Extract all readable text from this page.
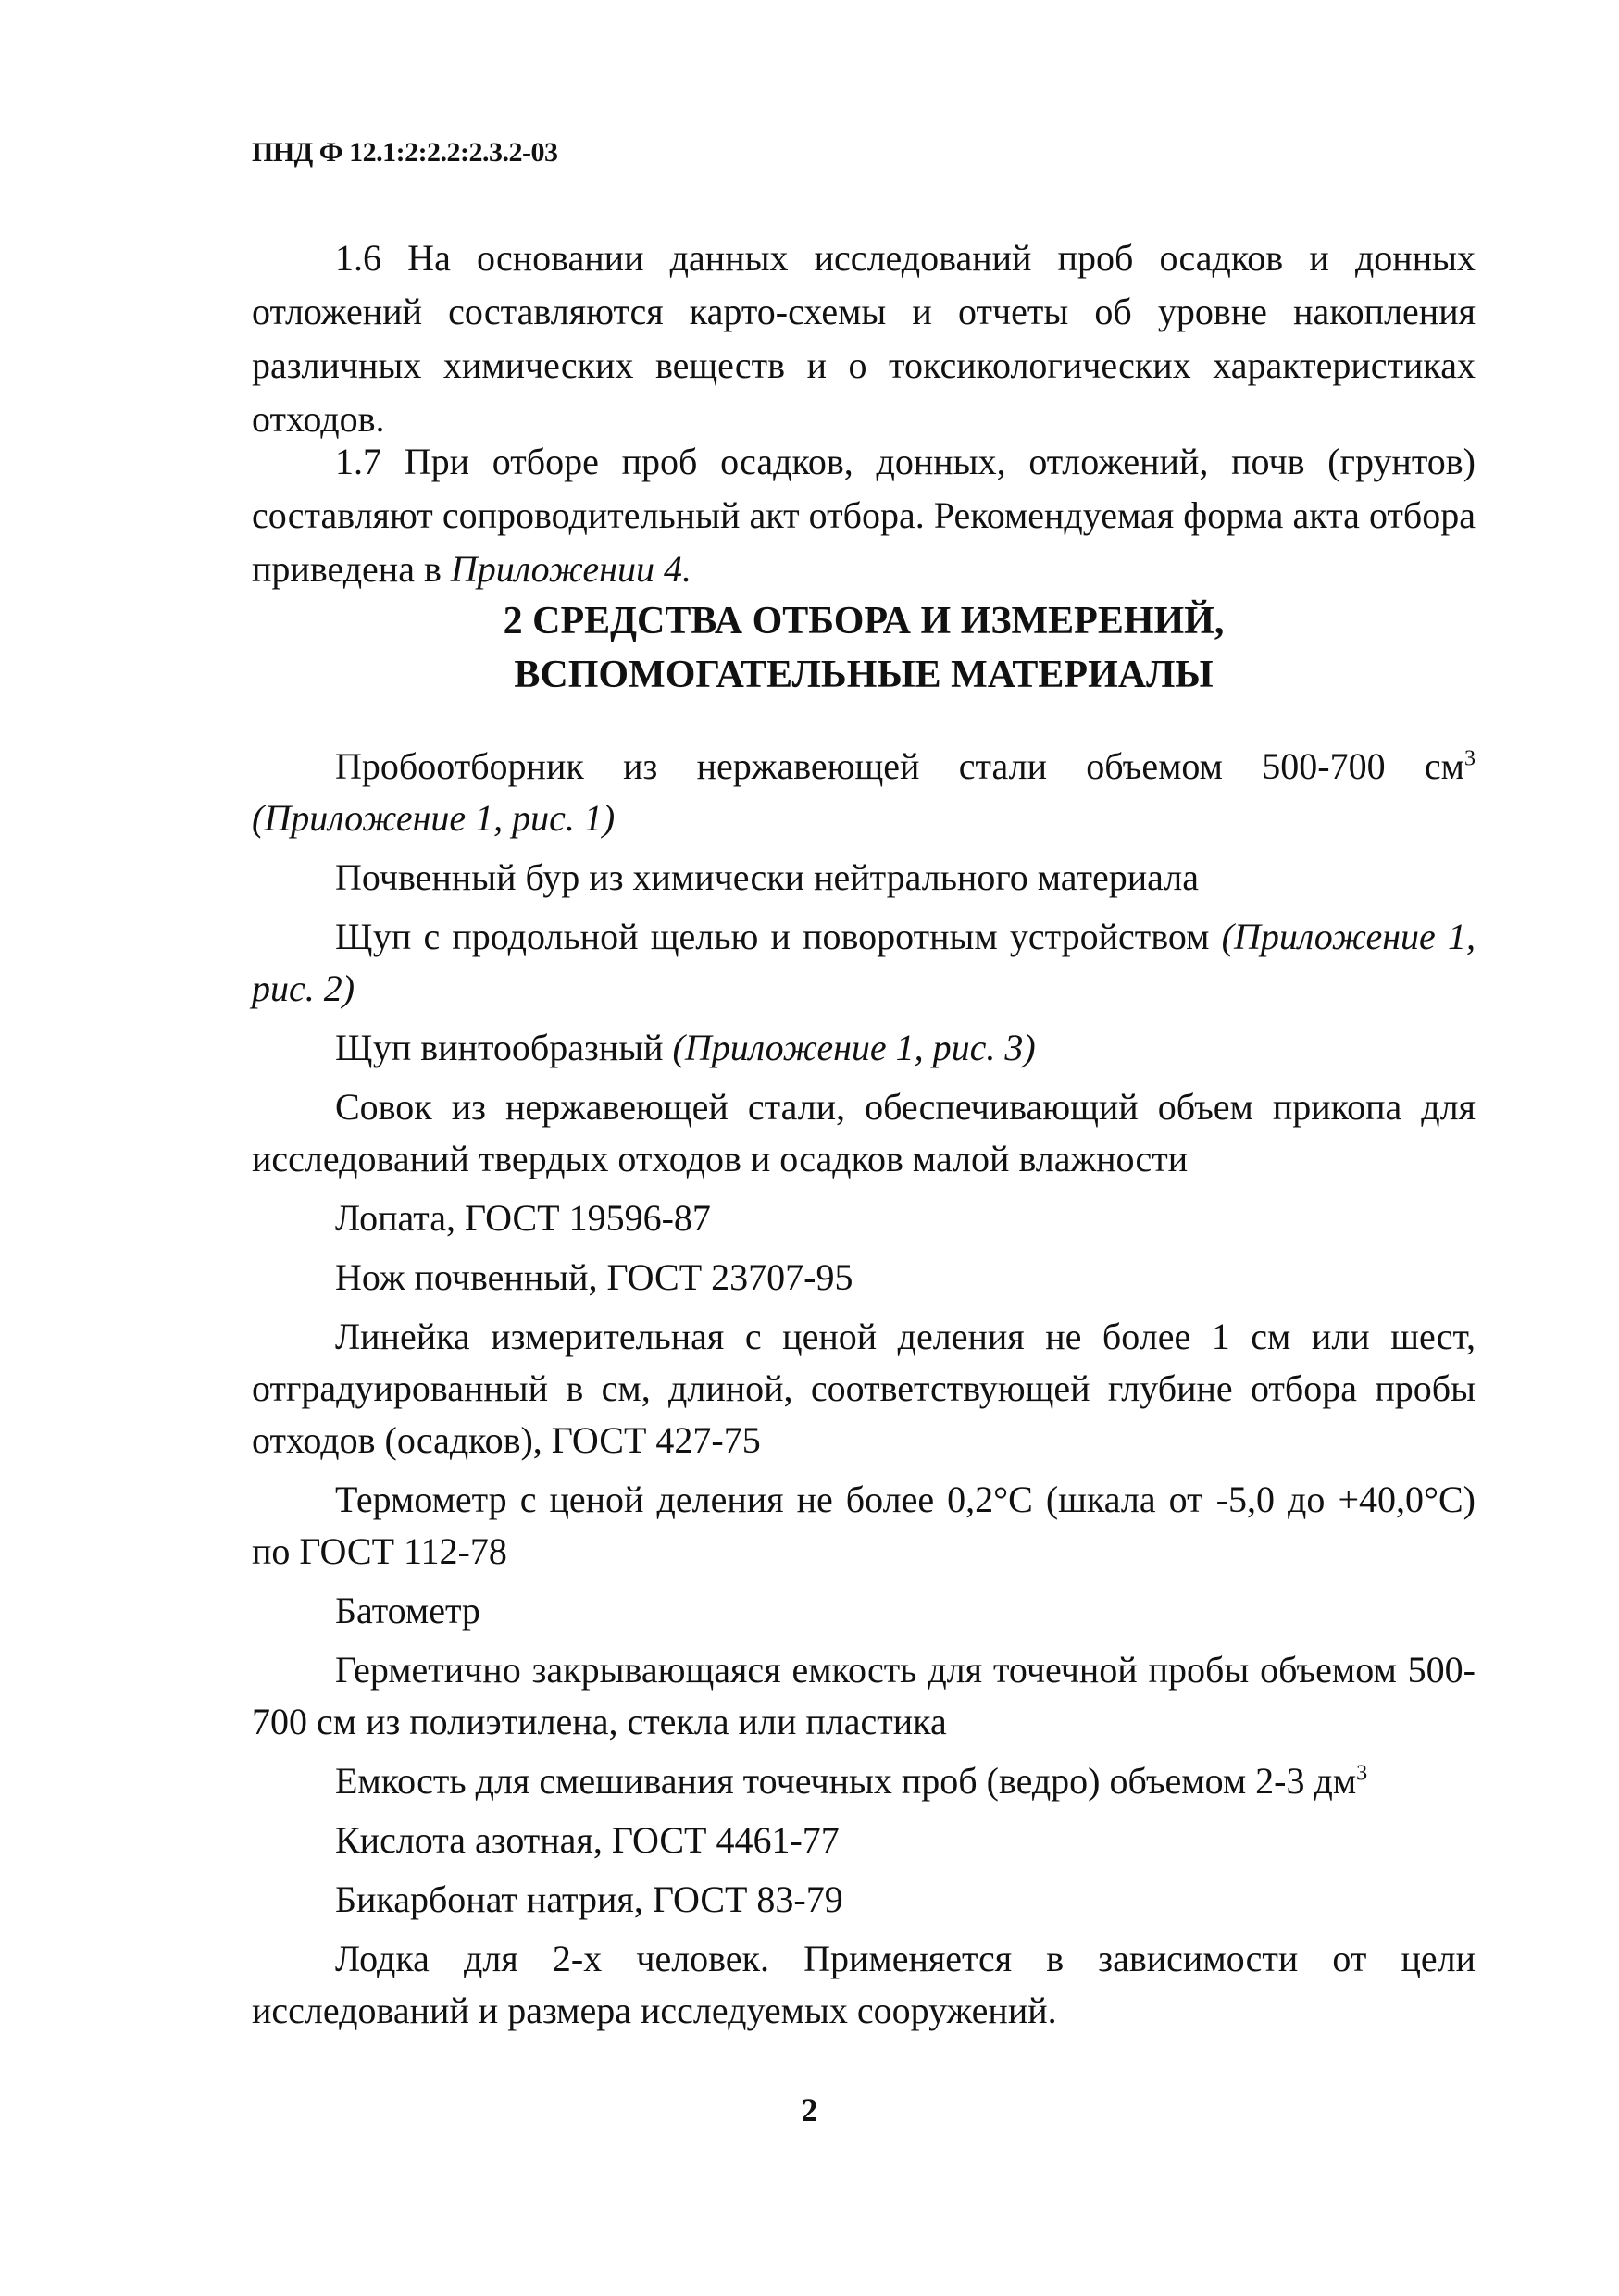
ПНД Ф 12.1:2:2.2:2.3.2-03
1.6 На основании данных исследований проб осадков и донных отложений составляются карто-схемы и отчеты об уровне накопления различных химических веществ и о токсикологических характеристиках отходов.
1.7 При отборе проб осадков, донных, отложений, почв (грунтов) составляют сопроводительный акт отбора. Рекомендуемая форма акта отбора приведена в Приложении 4.
2 СРЕДСТВА ОТБОРА И ИЗМЕРЕНИЙ,
ВСПОМОГАТЕЛЬНЫЕ МАТЕРИАЛЫ
Пробоотборник из нержавеющей стали объемом 500-700 $см^3$ (Приложение 1, рис. 1)
Почвенный бур из химически нейтрального материала
Щуп с продольной щелью и поворотным устройством (Приложение 1, рис. 2)
Щуп винтообразный (Приложение 1, рис. 3)
Совок из нержавеющей стали, обеспечивающий объем прикопа для исследований твердых отходов и осадков малой влажности
Лопата, ГОСТ 19596-87
Нож почвенный, ГОСТ 23707-95
Линейка измерительная с ценой деления не более 1 см или шест, отградуированный в см, длиной, соответствующей глубине отбора пробы отходов (осадков), ГОСТ 427-75
Термометр с ценой деления не более 0,2°С (шкала от -5,0 до +40,0°С) по ГОСТ 112-78
Батометр
Герметично закрывающаяся емкость для точечной пробы объемом 500-700 см из полиэтилена, стекла или пластика
Емкость для смешивания точечных проб (ведро) объемом 2-3 $дм^3$
Кислота азотная, ГОСТ 4461-77
Бикарбонат натрия, ГОСТ 83-79
Лодка для 2-х человек. Применяется в зависимости от цели исследований и размера исследуемых сооружений.
2
